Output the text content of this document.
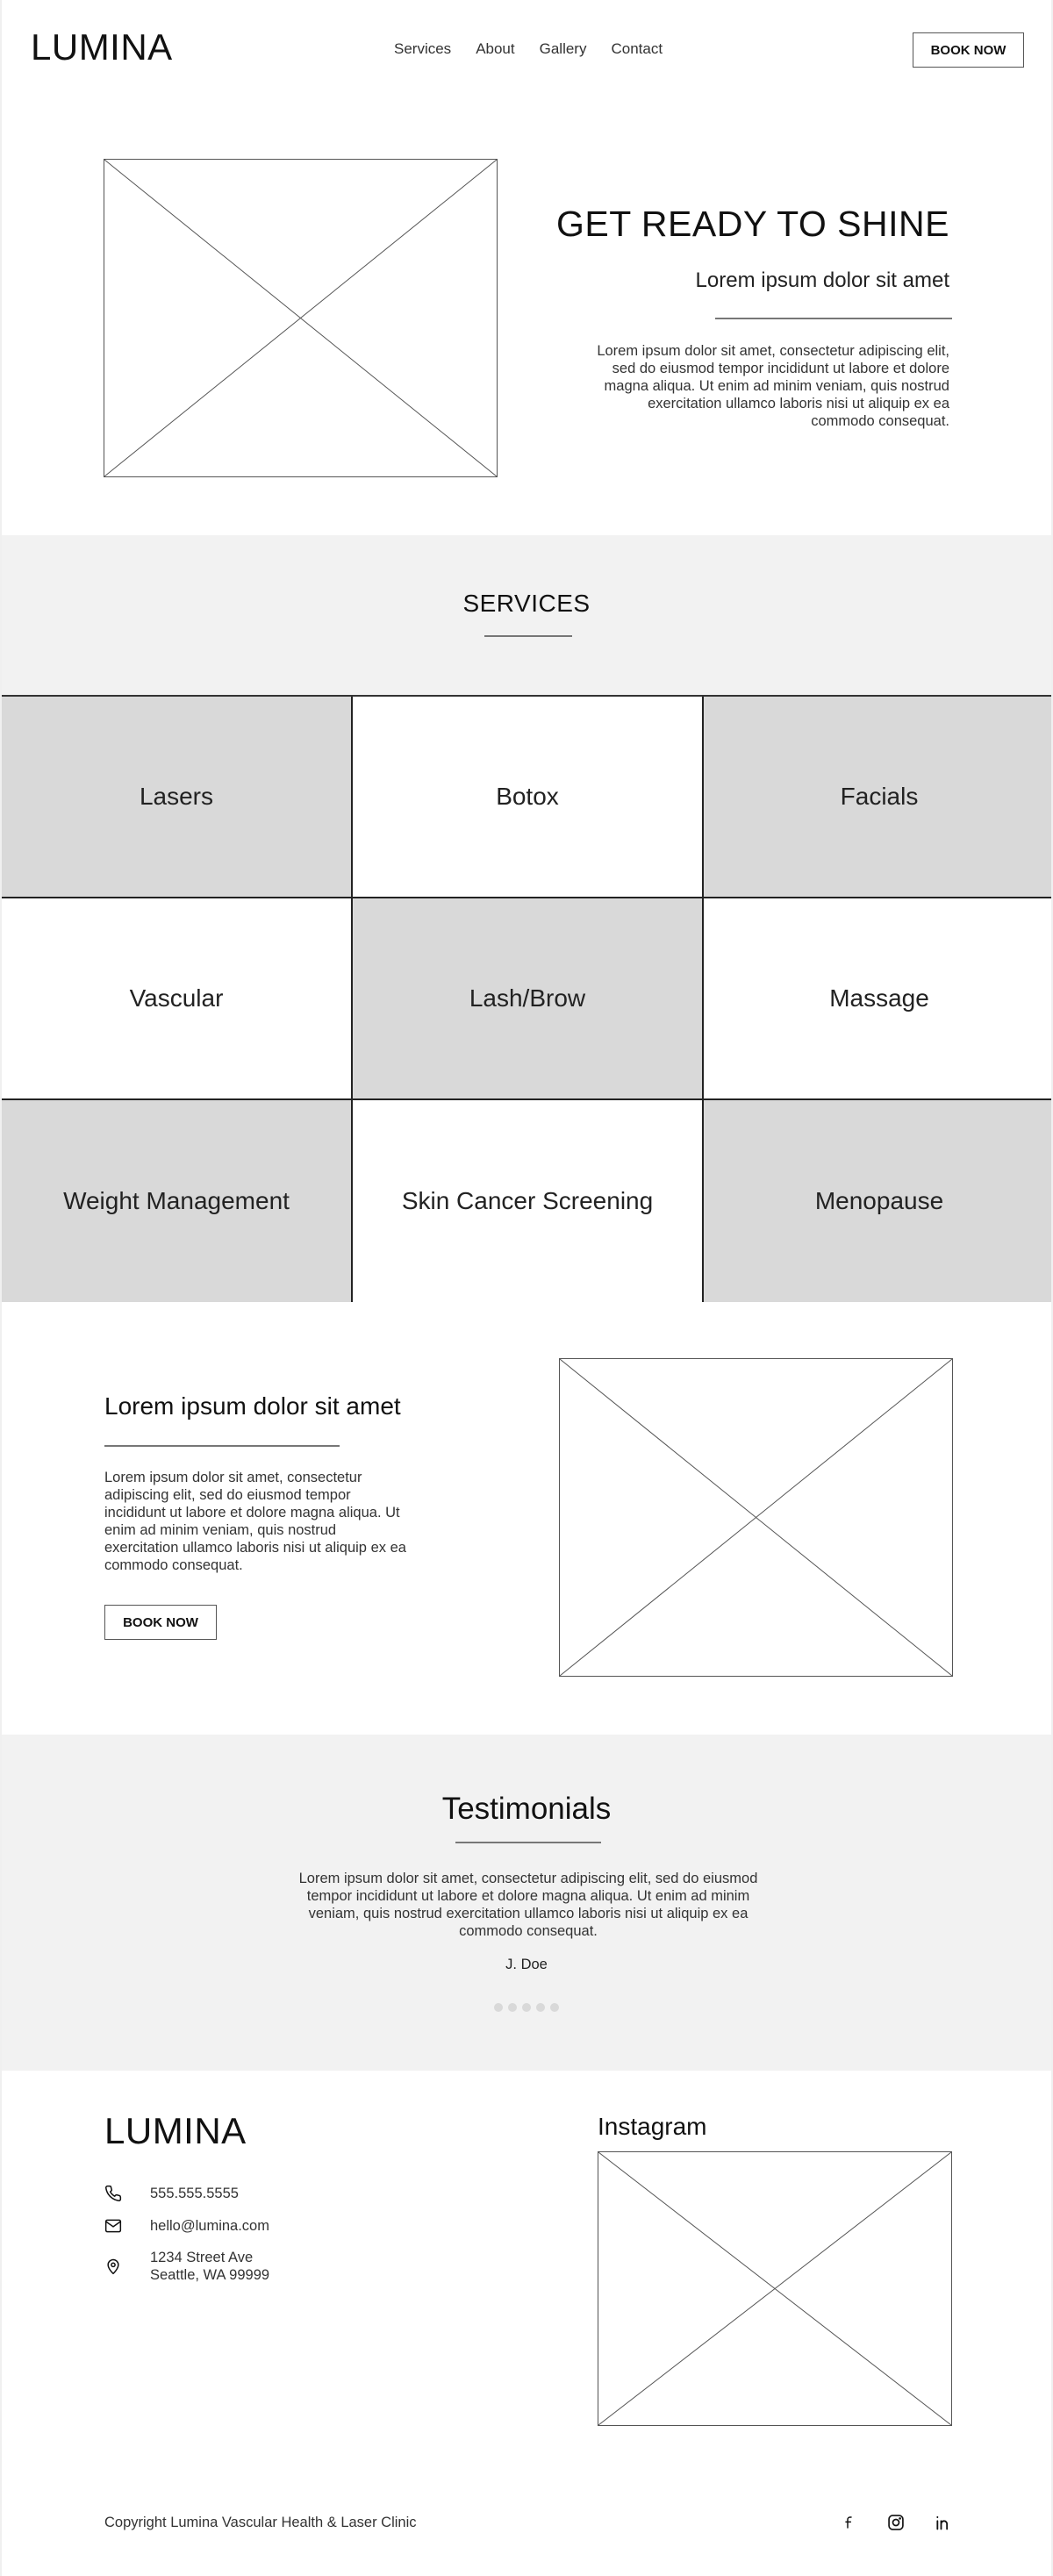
LUMINA	Services About Gallery Contact	BOOK NOW
GET READY TO SHINE
Lorem ipsum dolor sit amet
Lorem ipsum dolor sit amet, consectetur adipiscing elit, sed do eiusmod tempor incididunt ut labore et dolore magna aliqua. Ut enim ad minim veniam, quis nostrud exercitation ullamco laboris nisi ut aliquip ex ea commodo consequat.
SERVICES
Lasers	Botox	Facials
Vascular	Lash/Brow	Massage
Weight Management	Skin Cancer Screening	Menopause
Lorem ipsum dolor sit amet
Lorem ipsum dolor sit amet, consectetur adipiscing elit, sed do eiusmod tempor incididunt ut labore et dolore magna aliqua. Ut enim ad minim veniam, quis nostrud exercitation ullamco laboris nisi ut aliquip ex ea commodo consequat.
BOOK NOW
Testimonials
Lorem ipsum dolor sit amet, consectetur adipiscing elit, sed do eiusmod tempor incididunt ut labore et dolore magna aliqua. Ut enim ad minim veniam, quis nostrud exercitation ullamco laboris nisi ut aliquip ex ea commodo consequat.
J. Doe
LUMINA
555.555.5555
hello@lumina.com
1234 Street Ave
Seattle, WA 99999
Instagram
Copyright Lumina Vascular Health & Laser Clinic
